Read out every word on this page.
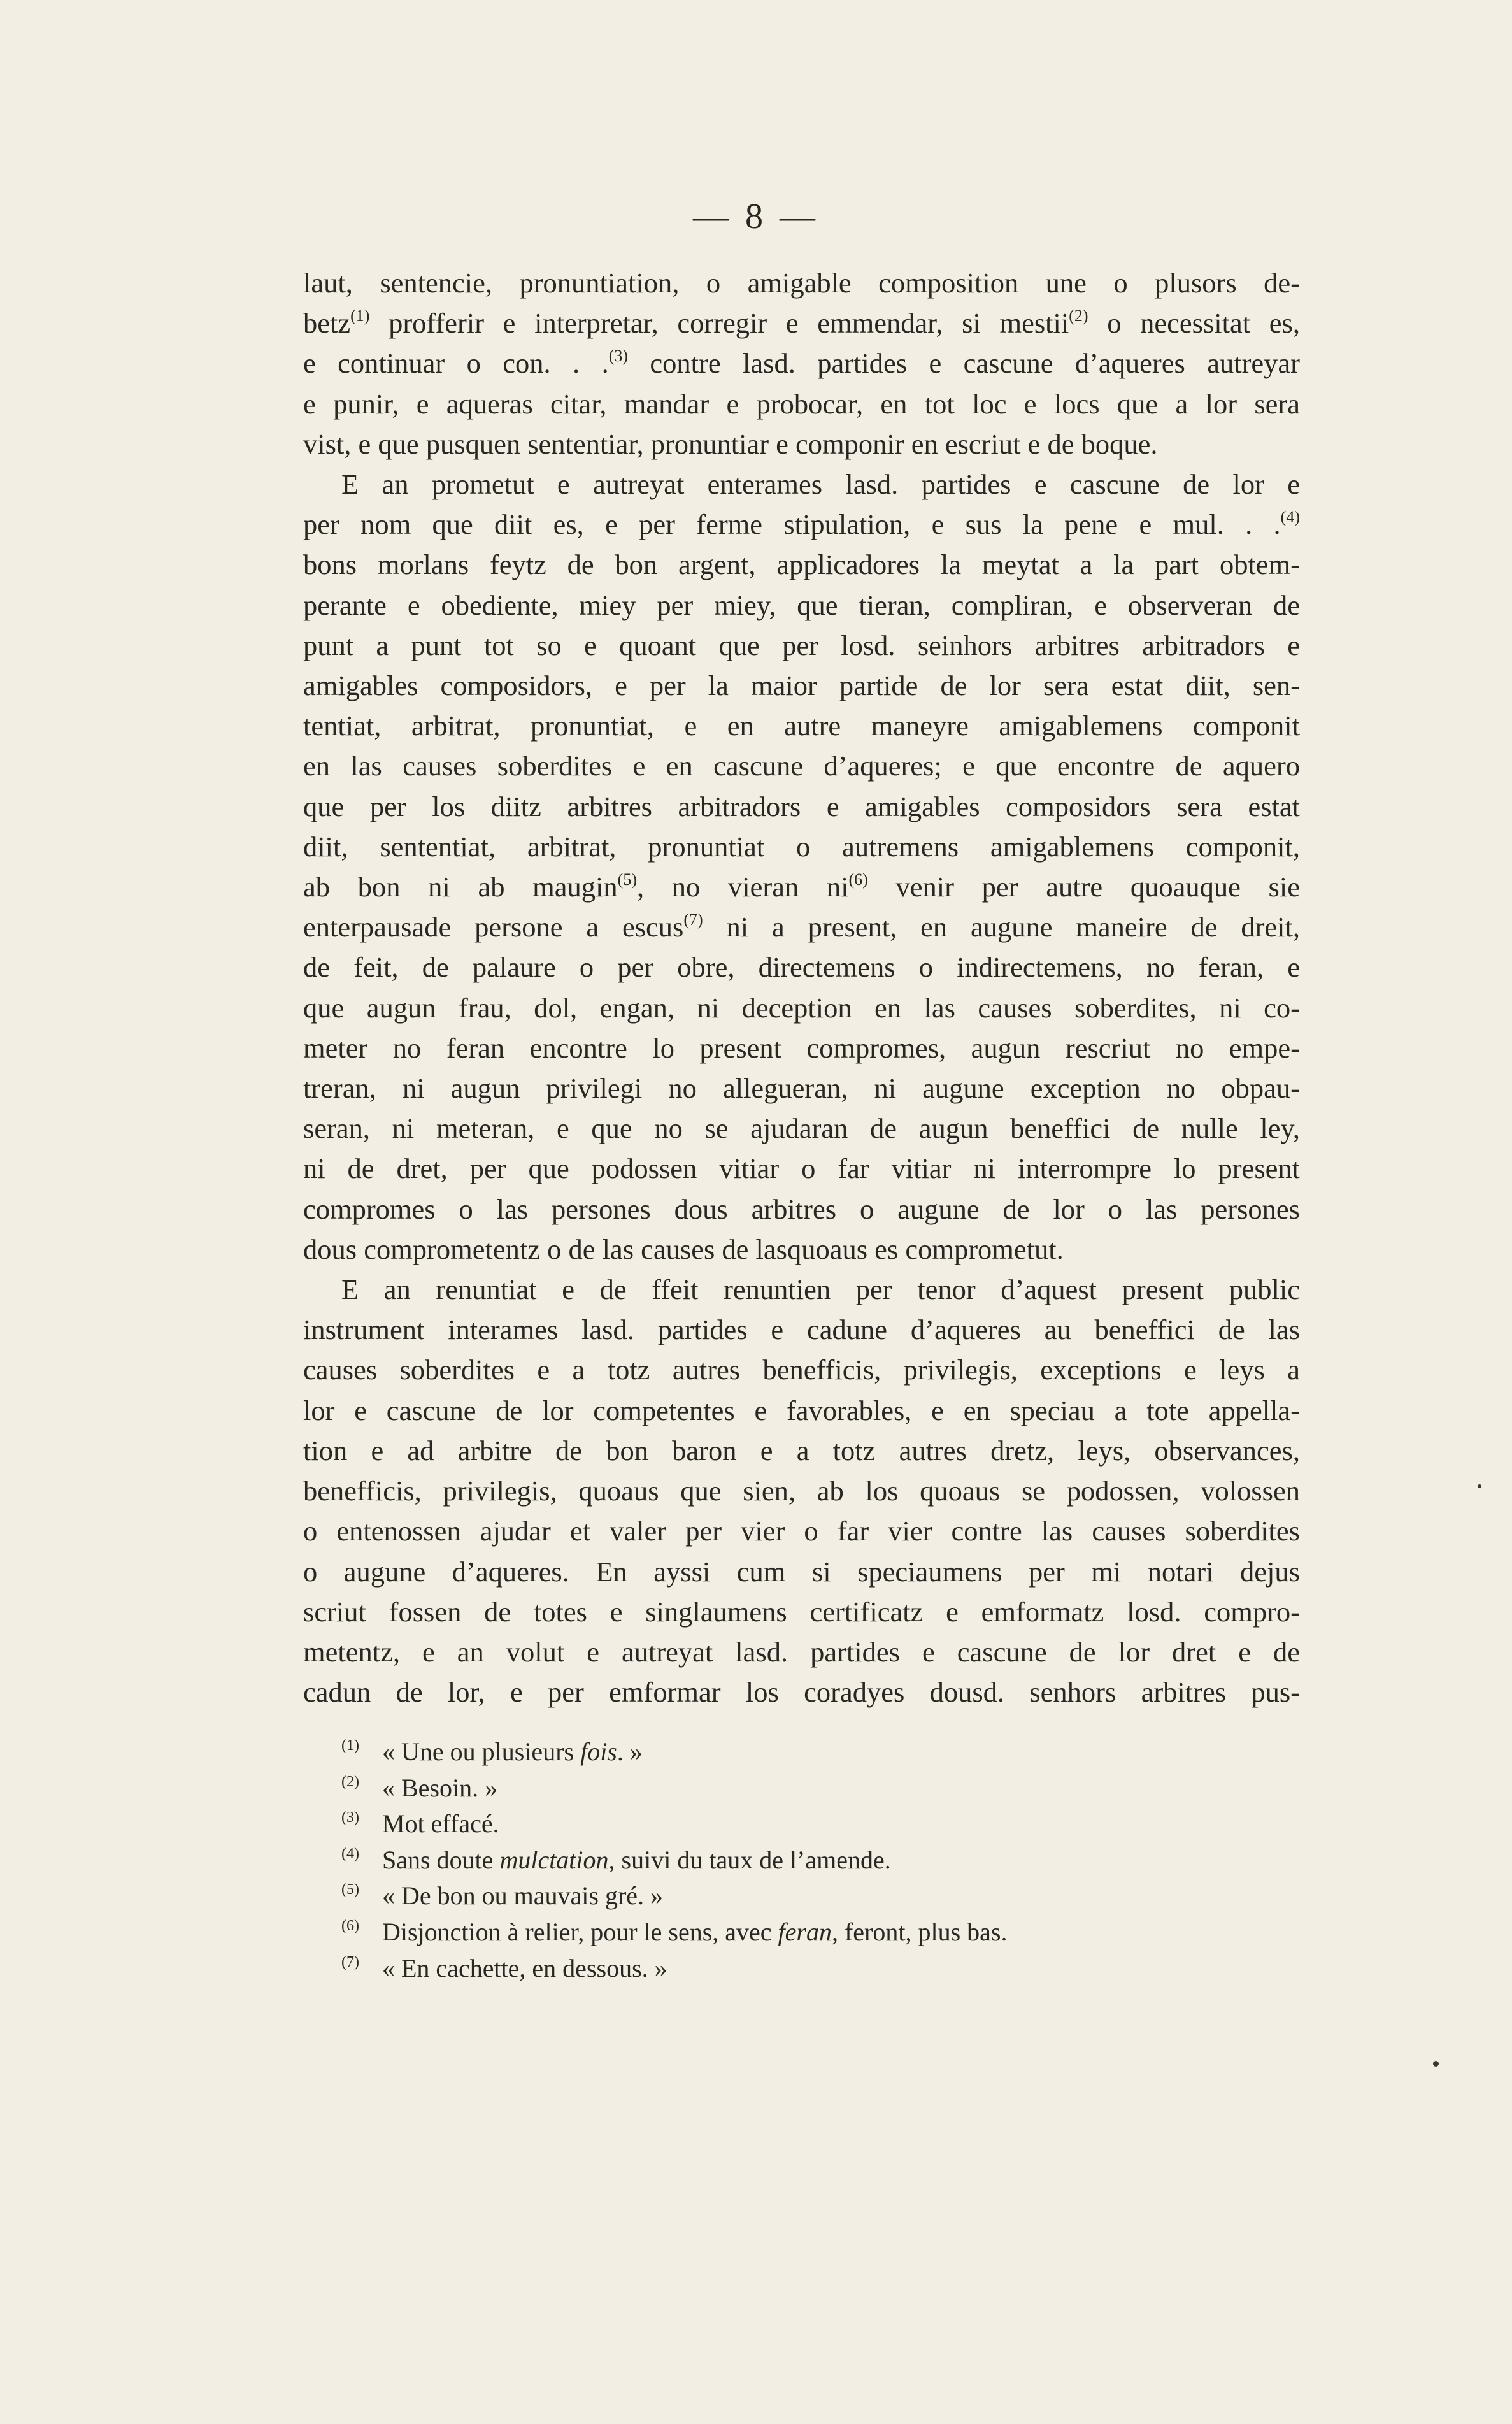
— 8 —
laut, sentencie, pronuntiation, o amigable composition une o plusors de-
betz$^{(1)}$ profferir e interpretar, corregir e emmendar, si mestii$^{(2)}$ o necessitat es,
e continuar o con. . .$^{(3)}$ contre lasd. partides e cascune d’aqueres autreyar
e punir, e aqueras citar, mandar e probocar, en tot loc e locs que a lor sera
vist, e que pusquen sententiar, pronuntiar e componir en escriut e de boque.
E an prometut e autreyat enterames lasd. partides e cascune de lor e
per nom que diit es, e per ferme stipulation, e sus la pene e mul. . .$^{(4)}$
bons morlans feytz de bon argent, applicadores la meytat a la part obtem-
perante e obediente, miey per miey, que tieran, compliran, e observeran de
punt a punt tot so e quoant que per losd. seinhors arbitres arbitradors e
amigables composidors, e per la maior partide de lor sera estat diit, sen-
tentiat, arbitrat, pronuntiat, e en autre maneyre amigablemens componit
en las causes soberdites e en cascune d’aqueres; e que encontre de aquero
que per los diitz arbitres arbitradors e amigables composidors sera estat
diit, sententiat, arbitrat, pronuntiat o autremens amigablemens componit,
ab bon ni ab maugin$^{(5)}$, no vieran $ni^{(6)}$ venir per autre quoauque sie
enterpausade persone a escus$^{(7)}$ ni a present, en augune maneire de dreit,
de feit, de palaure o per obre, directemens o indirectemens, no feran, e
que augun frau, dol, engan, ni deception en las causes soberdites, ni co-
meter no feran encontre lo present compromes, augun rescriut no empe-
treran, ni augun privilegi no allegueran, ni augune exception no obpau-
seran, ni meteran, e que no se ajudaran de augun beneffici de nulle ley,
ni de dret, per que podossen vitiar o far vitiar ni interrompre lo present
compromes o las persones dous arbitres o augune de lor o las persones
dous comprometentz o de las causes de lasquoaus es comprometut.
E an renuntiat e de ffeit renuntien per tenor d’aquest present public
instrument interames lasd. partides e cadune d’aqueres au beneffici de las
causes soberdites e a totz autres benefficis, privilegis, exceptions e leys a
lor e cascune de lor competentes e favorables, e en speciau a tote appella-
tion e ad arbitre de bon baron e a totz autres dretz, leys, observances,
benefficis, privilegis, quoaus que sien, ab los quoaus se podossen, volossen
o entenossen ajudar et valer per vier o far vier contre las causes soberdites
o augune d’aqueres. En ayssi cum si speciaumens per mi notari dejus
scriut fossen de totes e singlaumens certificatz e emformatz losd. compro-
metentz, e an volut e autreyat lasd. partides e cascune de lor dret e de
cadun de lor, e per emformar los coradyes dousd. senhors arbitres pus-
(1) « Une ou plusieurs fois. »
(2) « Besoin. »
(3) Mot effacé.
(4) Sans doute mulctation, suivi du taux de l’amende.
(5) « De bon ou mauvais gré. »
(6) Disjonction à relier, pour le sens, avec feran, feront, plus bas.
(7) « En cachette, en dessous. »
